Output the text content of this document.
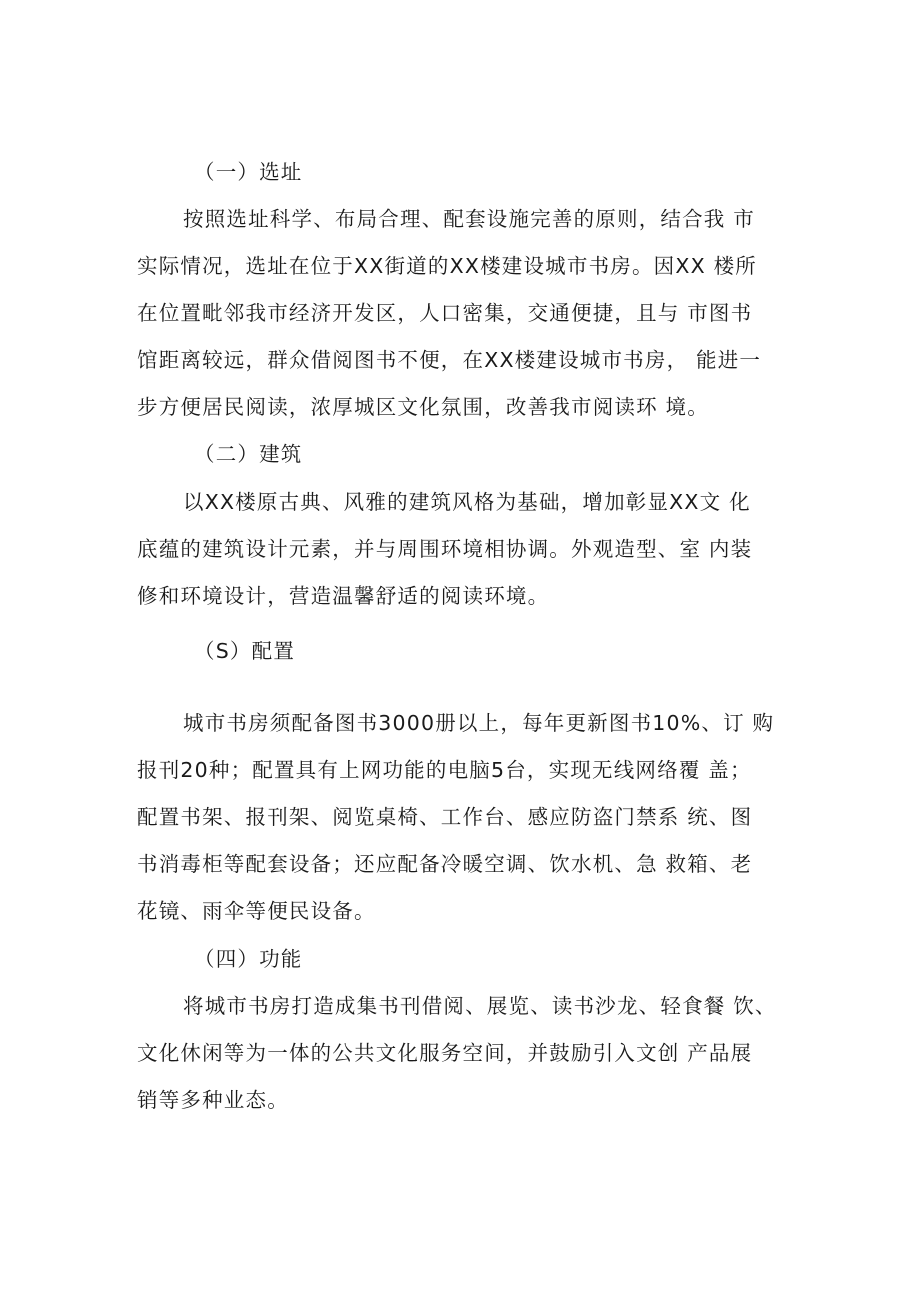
（一）选址

按照选址科学、布局合理、配套设施完善的原则，结合我 市

实际情况，选址在位于XX街道的XX楼建设城市书房。因XX 楼所

在位置毗邻我市经济开发区，人口密集，交通便捷，且与 市图书

馆距离较远，群众借阅图书不便，在XX楼建设城市书房， 能进一

步方便居民阅读，浓厚城区文化氛围，改善我市阅读环 境。

（二）建筑

以XX楼原古典、风雅的建筑风格为基础，增加彰显XX文 化

底蕴的建筑设计元素，并与周围环境相协调。外观造型、室 内装

修和环境设计，营造温馨舒适的阅读环境。

（S）配置

城市书房须配备图书3000册以上，每年更新图书10%、订 购

报刊20种；配置具有上网功能的电脑5台，实现无线网络覆 盖；

配置书架、报刊架、阅览桌椅、工作台、感应防盗门禁系 统、图

书消毒柜等配套设备；还应配备冷暖空调、饮水机、急 救箱、老

花镜、雨伞等便民设备。

（四）功能

将城市书房打造成集书刊借阅、展览、读书沙龙、轻食餐 饮、

文化休闲等为一体的公共文化服务空间，并鼓励引入文创 产品展

销等多种业态。
